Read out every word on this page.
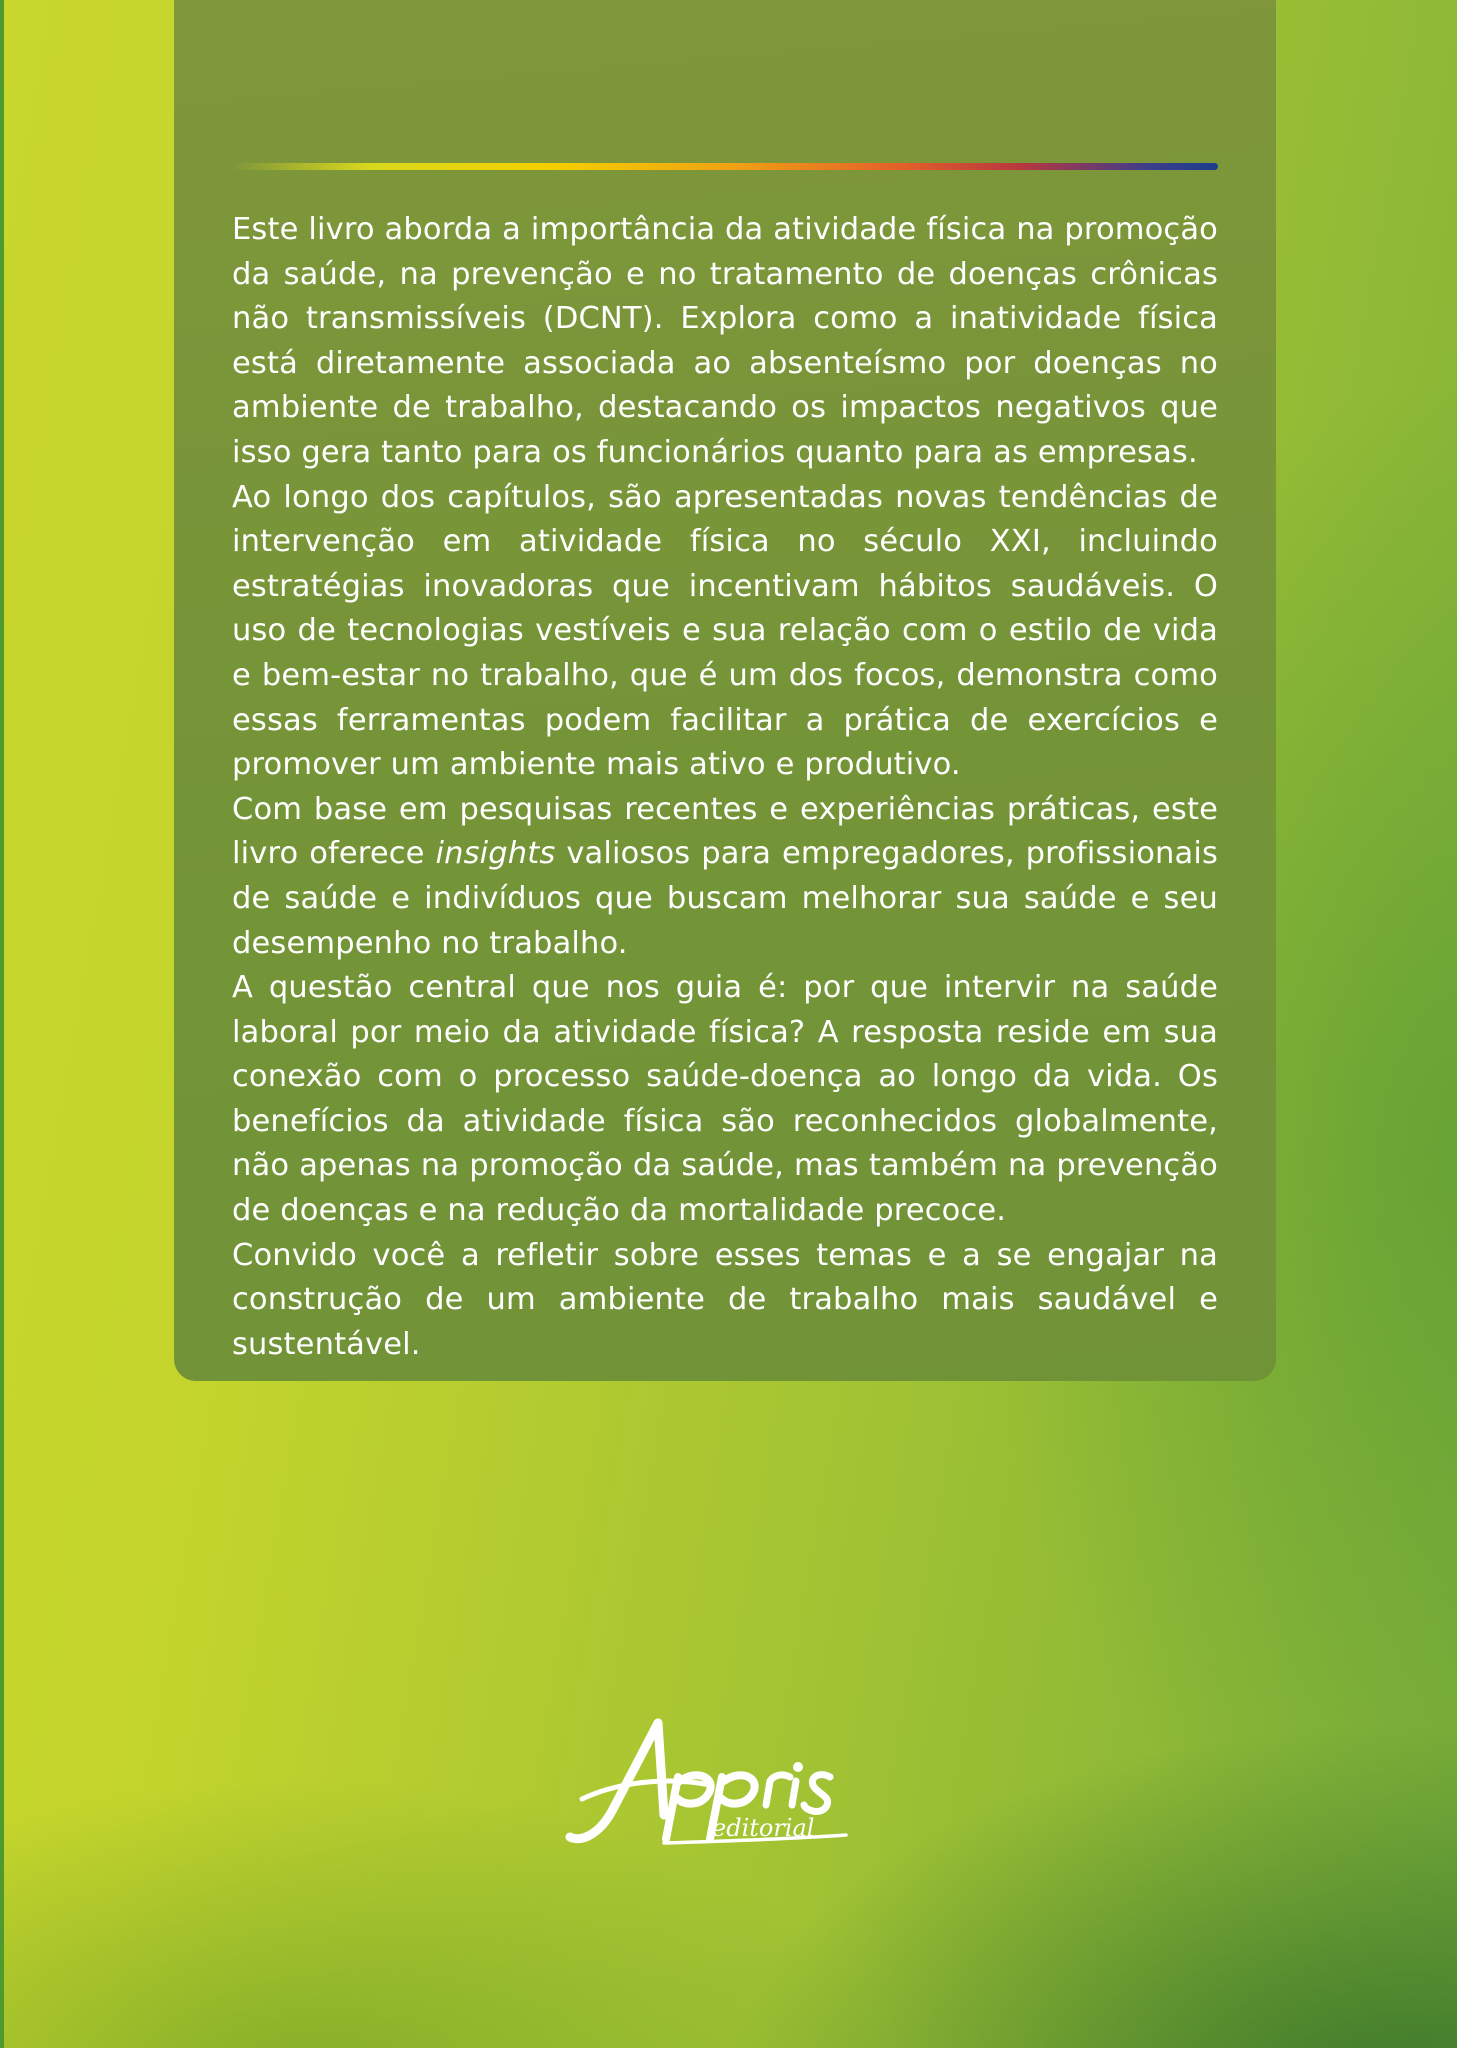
Este livro aborda a importância da atividade física na promoção da saúde, na prevenção e no tratamento de doenças crônicas não transmissíveis (DCNT). Explora como a inatividade física está diretamente associada ao absenteísmo por doenças no ambiente de trabalho, destacando os impactos negativos que isso gera tanto para os funcionários quanto para as empresas.

Ao longo dos capítulos, são apresentadas novas tendências de intervenção em atividade física no século XXI, incluindo estratégias inovadoras que incentivam hábitos saudáveis. O uso de tecnologias vestíveis e sua relação com o estilo de vida e bem-estar no trabalho, que é um dos focos, demonstra como essas ferramentas podem facilitar a prática de exercícios e promover um ambiente mais ativo e produtivo.

Com base em pesquisas recentes e experiências práticas, este livro oferece insights valiosos para empregadores, profissionais de saúde e indivíduos que buscam melhorar sua saúde e seu desempenho no trabalho.

A questão central que nos guia é: por que intervir na saúde laboral por meio da atividade física? A resposta reside em sua conexão com o processo saúde-doença ao longo da vida. Os benefícios da atividade física são reconhecidos globalmente, não apenas na promoção da saúde, mas também na prevenção de doenças e na redução da mortalidade precoce.

Convido você a refletir sobre esses temas e a se engajar na construção de um ambiente de trabalho mais saudável e sustentável.

editorial
